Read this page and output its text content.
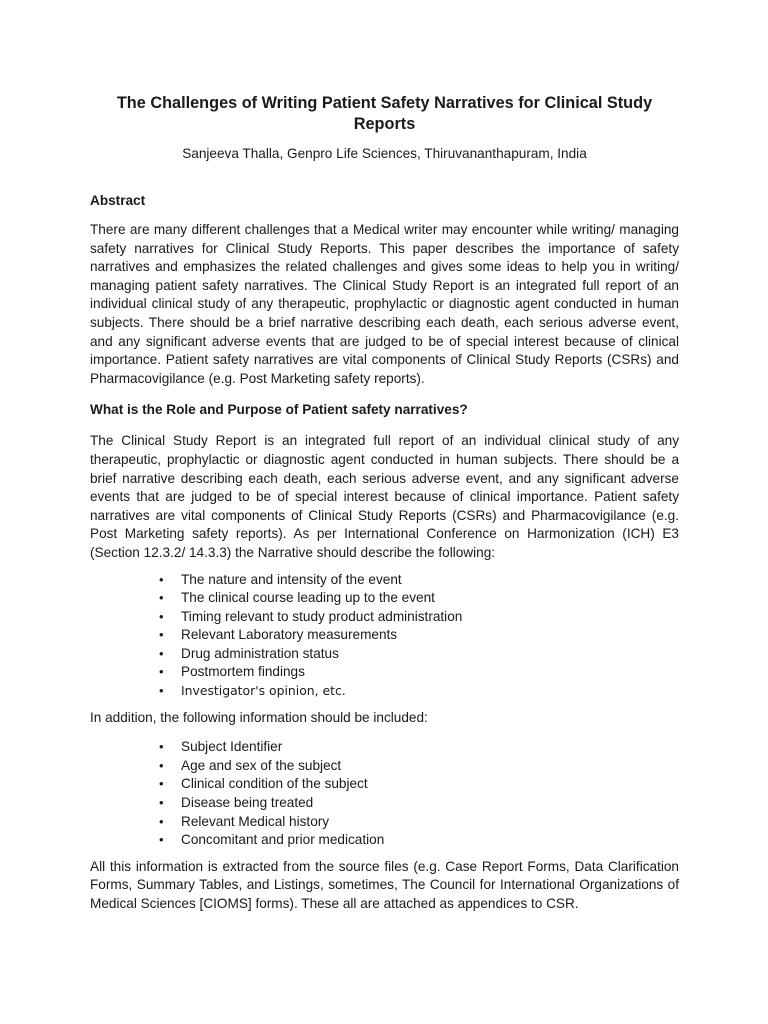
The Challenges of Writing Patient Safety Narratives for Clinical Study Reports

Sanjeeva Thalla, Genpro Life Sciences, Thiruvananthapuram, India

Abstract

There are many different challenges that a Medical writer may encounter while writing/ managing safety narratives for Clinical Study Reports. This paper describes the importance of safety narratives and emphasizes the related challenges and gives some ideas to help you in writing/ managing patient safety narratives. The Clinical Study Report is an integrated full report of an individual clinical study of any therapeutic, prophylactic or diagnostic agent conducted in human subjects. There should be a brief narrative describing each death, each serious adverse event, and any significant adverse events that are judged to be of special interest because of clinical importance. Patient safety narratives are vital components of Clinical Study Reports (CSRs) and Pharmacovigilance (e.g. Post Marketing safety reports).

What is the Role and Purpose of Patient safety narratives?

The Clinical Study Report is an integrated full report of an individual clinical study of any therapeutic, prophylactic or diagnostic agent conducted in human subjects. There should be a brief narrative describing each death, each serious adverse event, and any significant adverse events that are judged to be of special interest because of clinical importance. Patient safety narratives are vital components of Clinical Study Reports (CSRs) and Pharmacovigilance (e.g. Post Marketing safety reports). As per International Conference on Harmonization (ICH) E3 (Section 12.3.2/ 14.3.3) the Narrative should describe the following:

• The nature and intensity of the event
• The clinical course leading up to the event
• Timing relevant to study product administration
• Relevant Laboratory measurements
• Drug administration status
• Postmortem findings
• Investigator's opinion, etc.

In addition, the following information should be included:

• Subject Identifier
• Age and sex of the subject
• Clinical condition of the subject
• Disease being treated
• Relevant Medical history
• Concomitant and prior medication

All this information is extracted from the source files (e.g. Case Report Forms, Data Clarification Forms, Summary Tables, and Listings, sometimes, The Council for International Organizations of Medical Sciences [CIOMS] forms). These all are attached as appendices to CSR.
